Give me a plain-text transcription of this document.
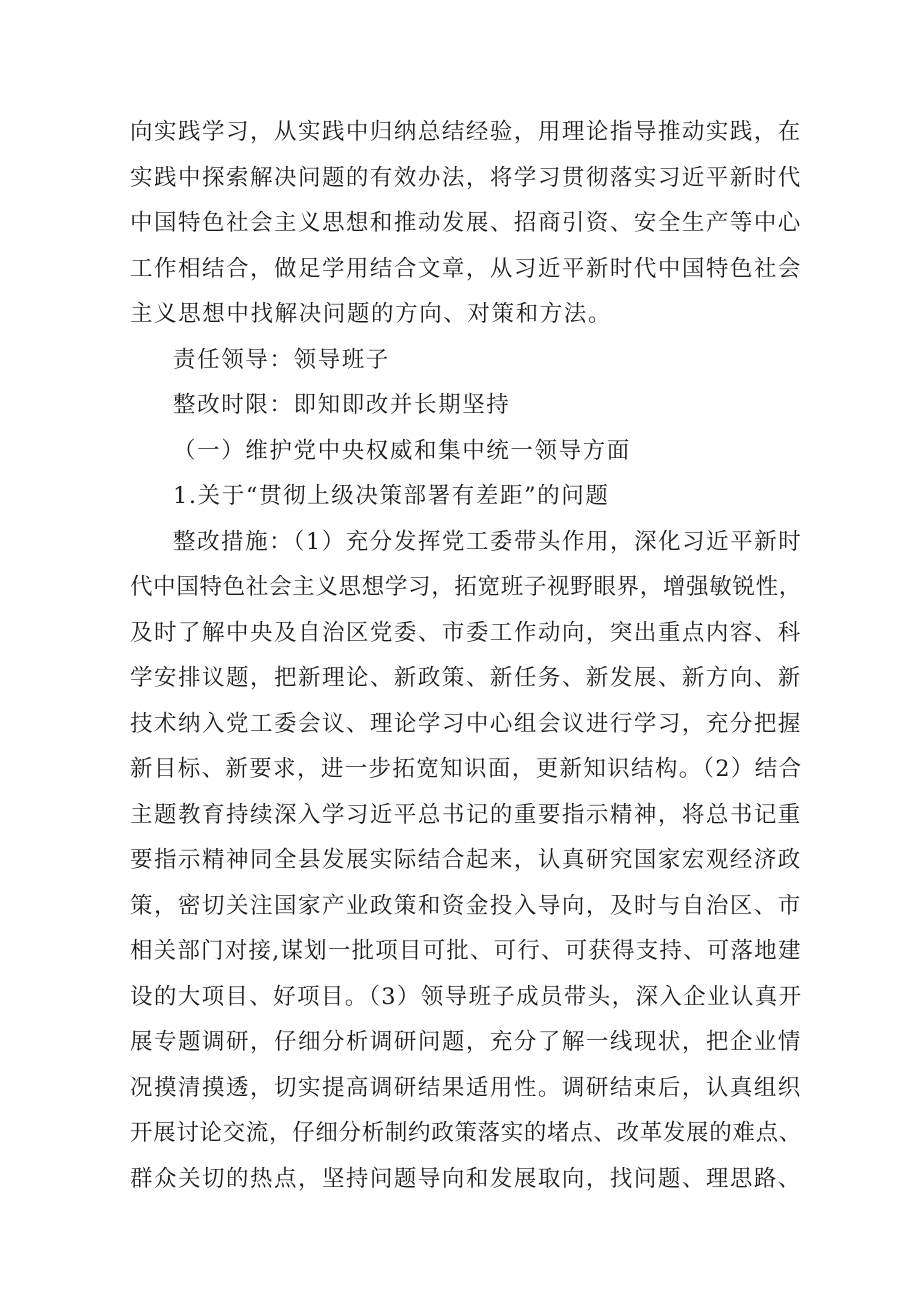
向实践学习，从实践中归纳总结经验，用理论指导推动实践，在
实践中探索解决问题的有效办法，将学习贯彻落实习近平新时代
中国特色社会主义思想和推动发展、招商引资、安全生产等中心
工作相结合，做足学用结合文章，从习近平新时代中国特色社会
主义思想中找解决问题的方向、对策和方法。
责任领导：领导班子
整改时限：即知即改并长期坚持
（一）维护党中央权威和集中统一领导方面
1.关于“贯彻上级决策部署有差距”的问题
整改措施：（1）充分发挥党工委带头作用，深化习近平新时
代中国特色社会主义思想学习，拓宽班子视野眼界，增强敏锐性，
及时了解中央及自治区党委、市委工作动向，突出重点内容、科
学安排议题，把新理论、新政策、新任务、新发展、新方向、新
技术纳入党工委会议、理论学习中心组会议进行学习，充分把握
新目标、新要求，进一步拓宽知识面，更新知识结构。（2）结合
主题教育持续深入学习近平总书记的重要指示精神，将总书记重
要指示精神同全县发展实际结合起来，认真研究国家宏观经济政
策，密切关注国家产业政策和资金投入导向，及时与自治区、市
相关部门对接,谋划一批项目可批、可行、可获得支持、可落地建
设的大项目、好项目。（3）领导班子成员带头，深入企业认真开
展专题调研，仔细分析调研问题，充分了解一线现状，把企业情
况摸清摸透，切实提高调研结果适用性。调研结束后，认真组织
开展讨论交流，仔细分析制约政策落实的堵点、改革发展的难点、
群众关切的热点，坚持问题导向和发展取向，找问题、理思路、
